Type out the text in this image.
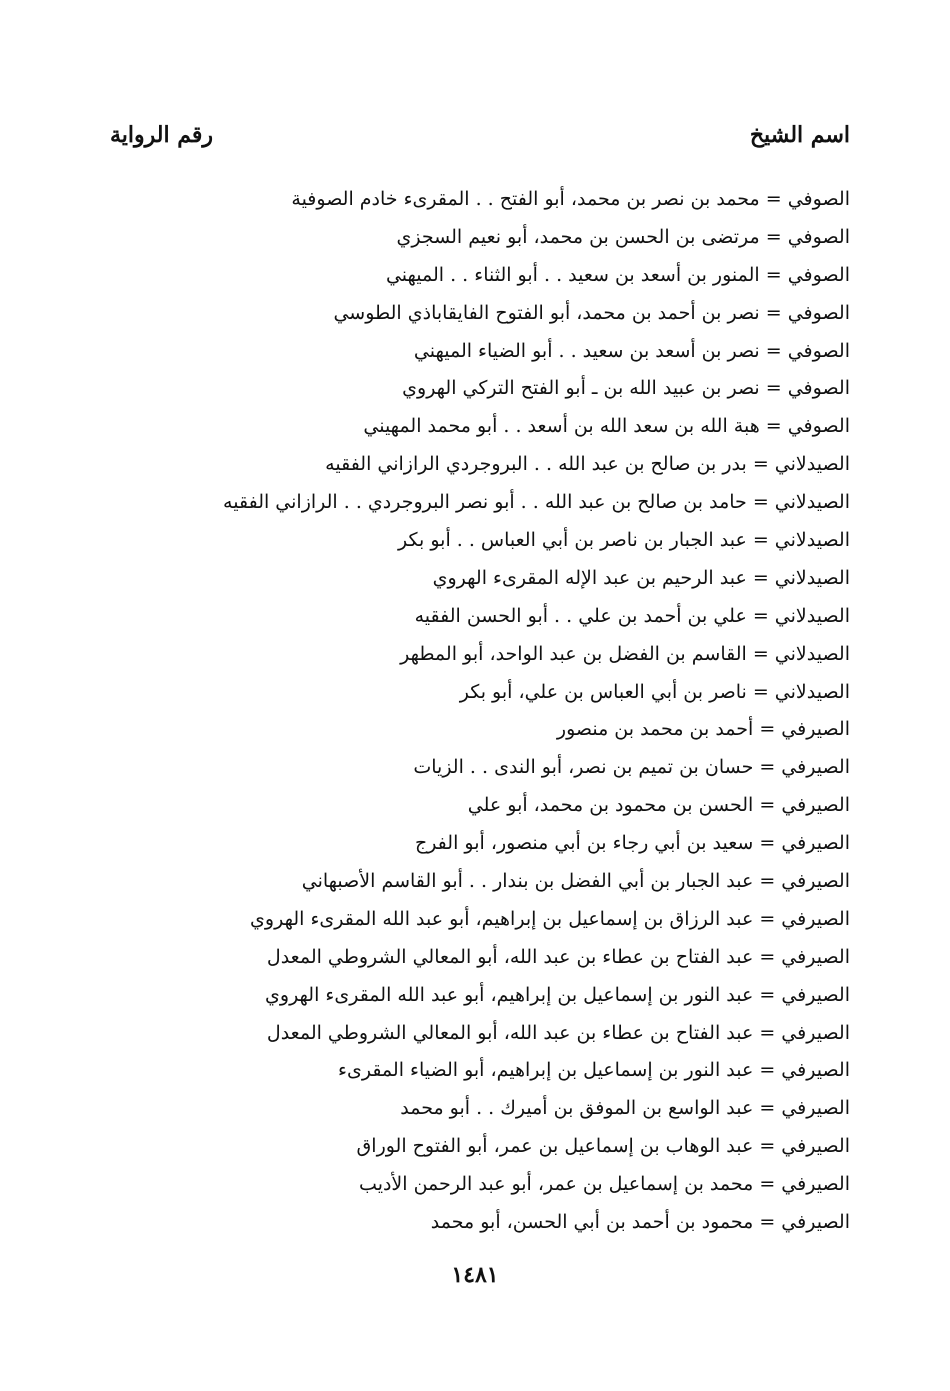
اسم الشيخ
رقم الرواية
الصوفي = محمد بن نصر بن محمد، أبو الفتح . . المقرىء خادم الصوفية
الصوفي = مرتضى بن الحسن بن محمد، أبو نعيم السجزي
الصوفي = المنور بن أسعد بن سعيد . . أبو الثناء . . الميهني
الصوفي = نصر بن أحمد بن محمد، أبو الفتوح الفايقاباذي الطوسي
الصوفي = نصر بن أسعد بن سعيد . . أبو الضياء الميهني
الصوفي = نصر بن عبيد الله بن ـ أبو الفتح التركي الهروي
الصوفي = هبة الله بن سعد الله بن أسعد . . أبو محمد المهيني
الصيدلاني = بدر بن صالح بن عبد الله . . البروجردي الرازاني الفقيه
الصيدلاني = حامد بن صالح بن عبد الله . . أبو نصر البروجردي . . الرازاني الفقيه
الصيدلاني = عبد الجبار بن ناصر بن أبي العباس . . أبو بكر
الصيدلاني = عبد الرحيم بن عبد الإله المقرىء الهروي
الصيدلاني = علي بن أحمد بن علي . . أبو الحسن الفقيه
الصيدلاني = القاسم بن الفضل بن عبد الواحد، أبو المطهر
الصيدلاني = ناصر بن أبي العباس بن علي، أبو بكر
الصيرفي = أحمد بن محمد بن منصور
الصيرفي = حسان بن تميم بن نصر، أبو الندى . . الزيات
الصيرفي = الحسن بن محمود بن محمد، أبو علي
الصيرفي = سعيد بن أبي رجاء بن أبي منصور، أبو الفرج
الصيرفي = عبد الجبار بن أبي الفضل بن بندار . . أبو القاسم الأصبهاني
الصيرفي = عبد الرزاق بن إسماعيل بن إبراهيم، أبو عبد الله المقرىء الهروي
الصيرفي = عبد الفتاح بن عطاء بن عبد الله، أبو المعالي الشروطي المعدل
الصيرفي = عبد النور بن إسماعيل بن إبراهيم، أبو عبد الله المقرىء الهروي
الصيرفي = عبد الفتاح بن عطاء بن عبد الله، أبو المعالي الشروطي المعدل
الصيرفي = عبد النور بن إسماعيل بن إبراهيم، أبو الضياء المقرىء
الصيرفي = عبد الواسع بن الموفق بن أميرك . . أبو محمد
الصيرفي = عبد الوهاب بن إسماعيل بن عمر، أبو الفتوح الوراق
الصيرفي = محمد بن إسماعيل بن عمر، أبو عبد الرحمن الأديب
الصيرفي = محمود بن أحمد بن أبي الحسن، أبو محمد
١٤٨١
